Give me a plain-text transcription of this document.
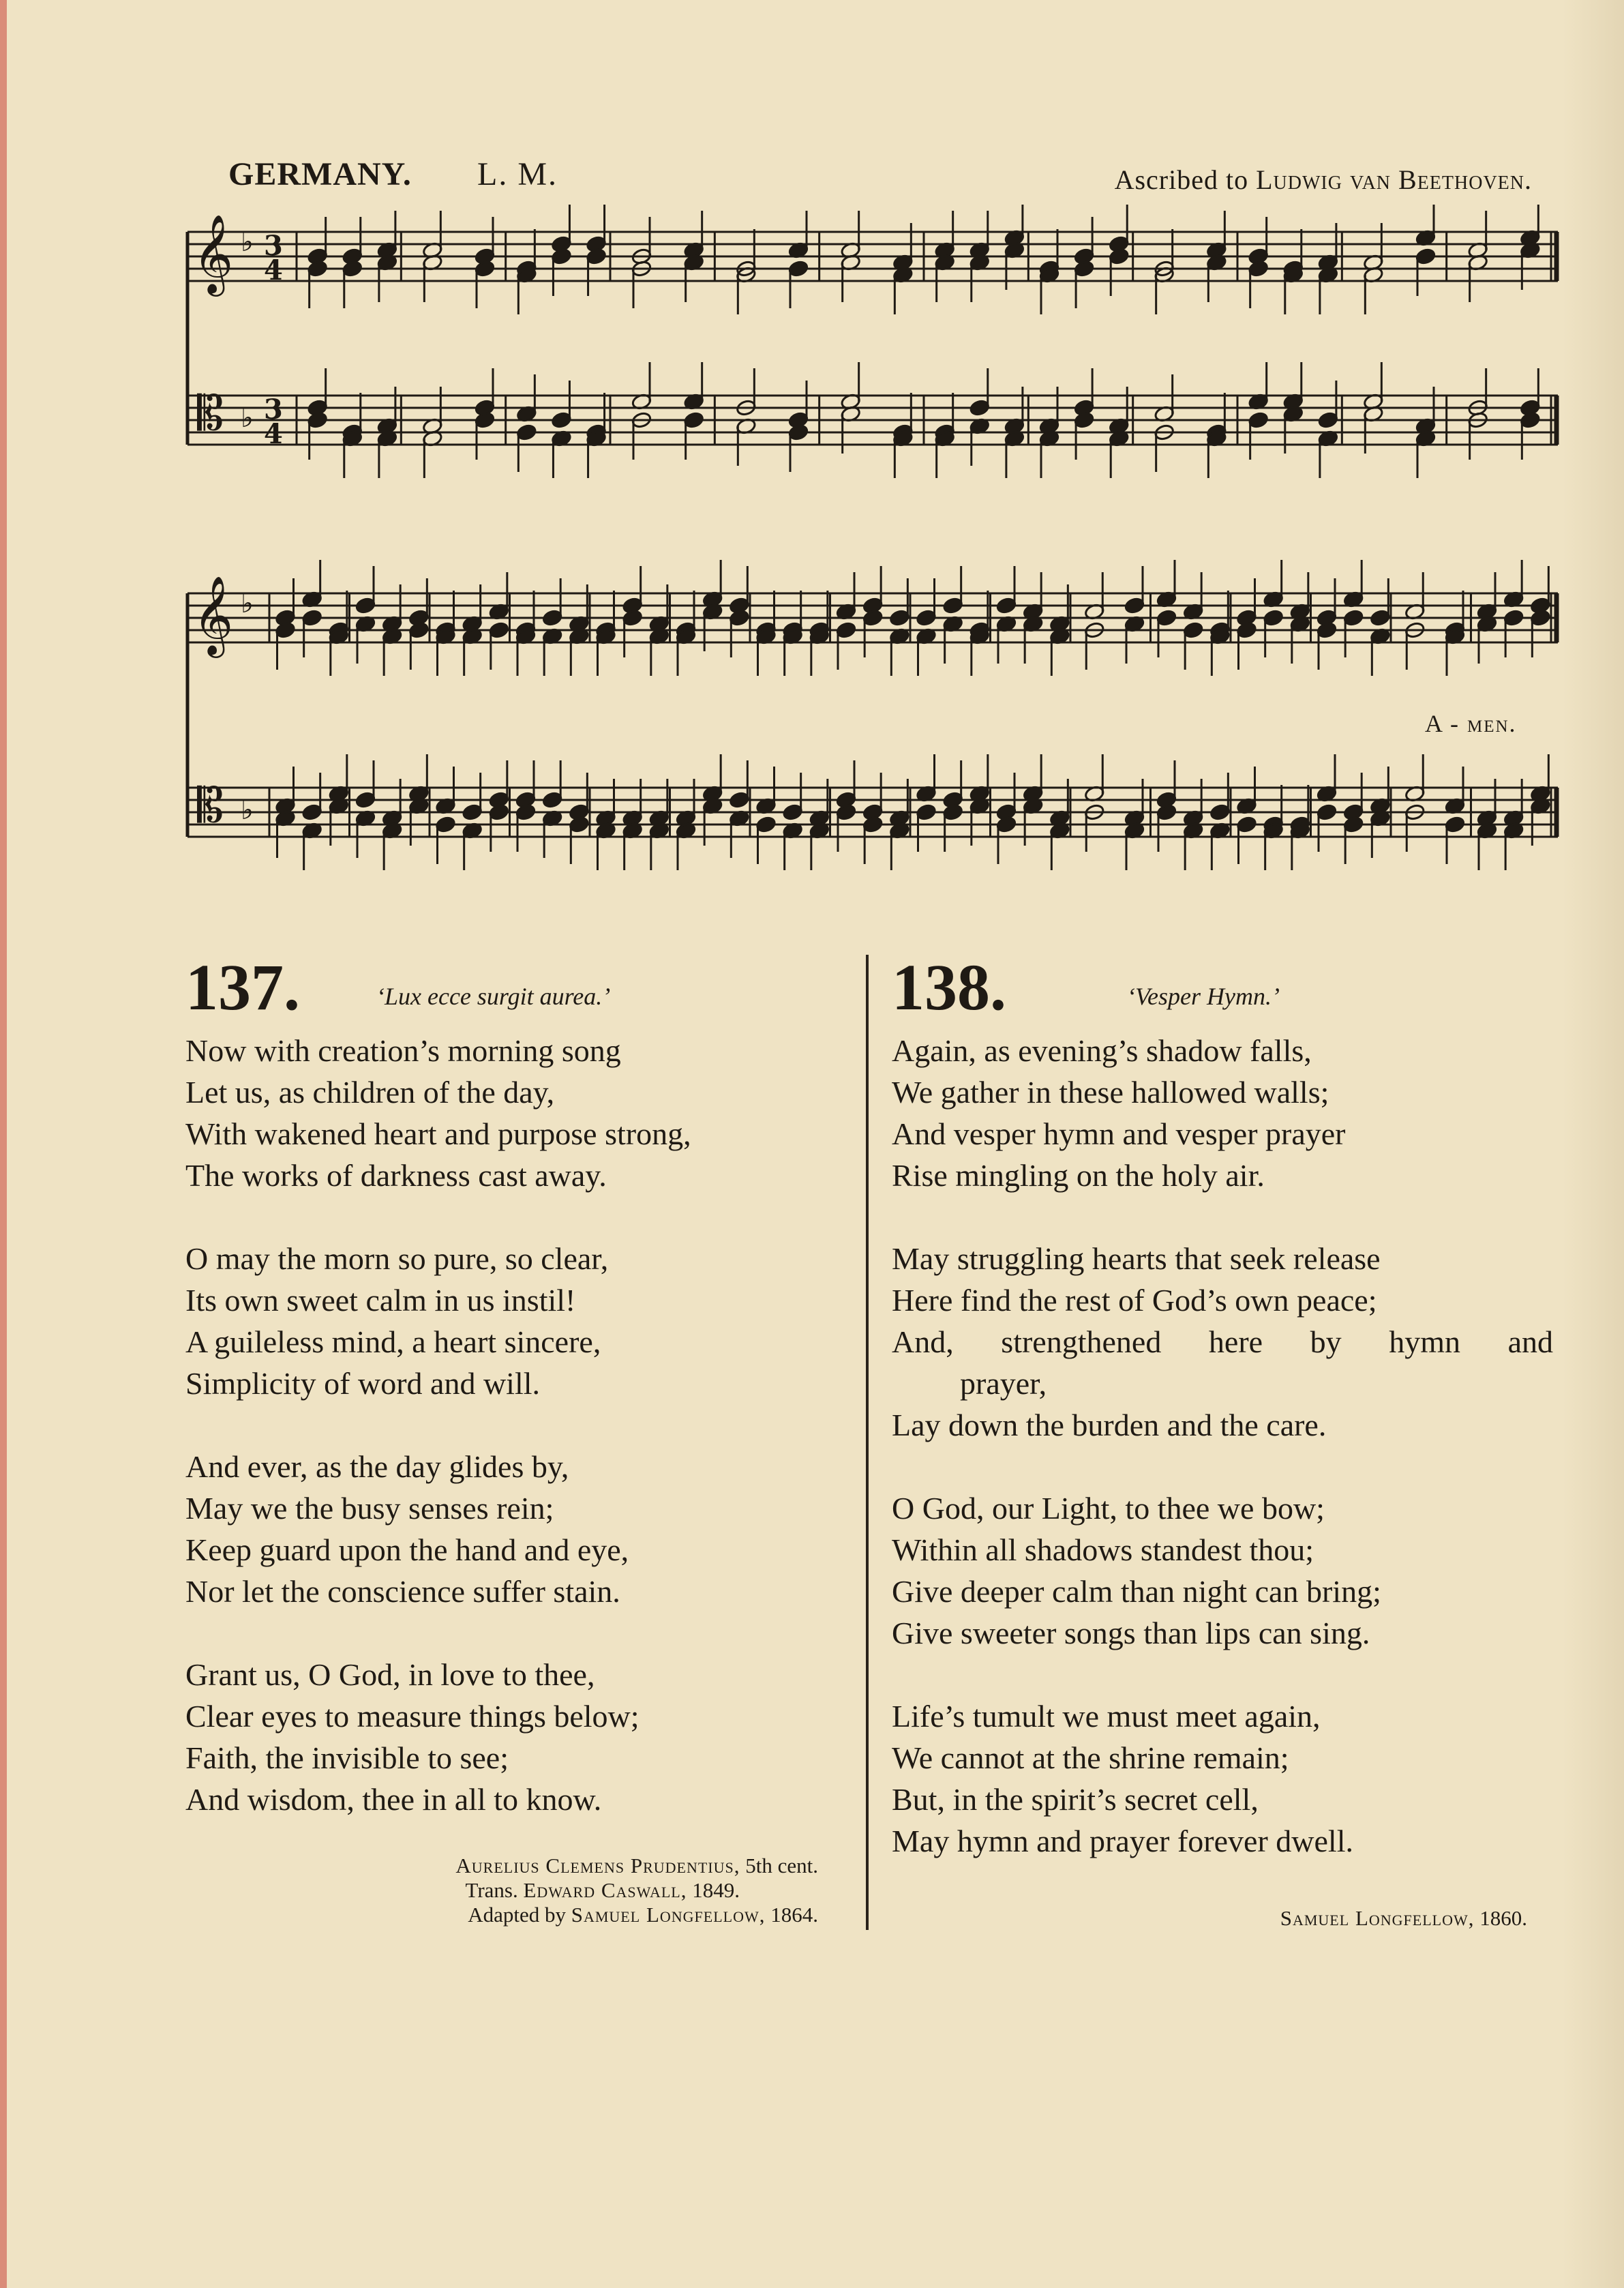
GERMANY. L. M.	Ascribed to Ludwig van Beethoven.
𝄞
𝄡
♭
♭
3
3
4
4
𝄞
𝄡
♭
♭
A - men.
137.	‘Lux ecce surgit aurea.’
Now with creation’s morning song
Let us, as children of the day,
With wakened heart and purpose strong,
The works of darkness cast away.
O may the morn so pure, so clear,
Its own sweet calm in us instil!
A guileless mind, a heart sincere,
Simplicity of word and will.
And ever, as the day glides by,
May we the busy senses rein;
Keep guard upon the hand and eye,
Nor let the conscience suffer stain.
Grant us, O God, in love to thee,
Clear eyes to measure things below;
Faith, the invisible to see;
And wisdom, thee in all to know.
Aurelius Clemens Prudentius, 5th cent.
Trans. Edward Caswall, 1849.
Adapted by Samuel Longfellow, 1864.
138.	‘Vesper Hymn.’
Again, as evening’s shadow falls,
We gather in these hallowed walls;
And vesper hymn and vesper prayer
Rise mingling on the holy air.
May struggling hearts that seek release
Here find the rest of God’s own peace;
And, strengthened here by hymn and
prayer,
Lay down the burden and the care.
O God, our Light, to thee we bow;
Within all shadows standest thou;
Give deeper calm than night can bring;
Give sweeter songs than lips can sing.
Life’s tumult we must meet again,
We cannot at the shrine remain;
But, in the spirit’s secret cell,
May hymn and prayer forever dwell.
Samuel Longfellow, 1860.
